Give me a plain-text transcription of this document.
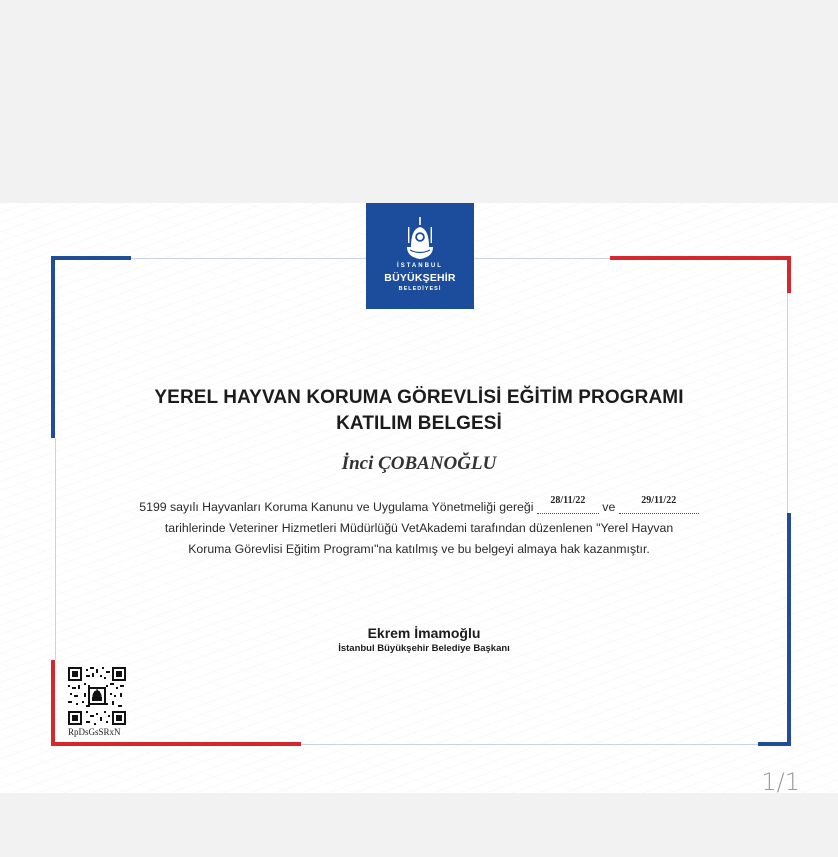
İSTANBUL
BÜYÜKŞEHİR
BELEDİYESİ
YEREL HAYVAN KORUMA GÖREVLİSİ EĞİTİM PROGRAMI
KATILIM BELGESİ
İnci ÇOBANOĞLU
5199 sayılı Hayvanları Koruma Kanunu ve Uygulama Yönetmeliği gereği	28/11/22	ve	29/11/22

tarihlerinde Veteriner Hizmetleri Müdürlüğü VetAkademi tarafından düzenlenen "Yerel Hayvan
Koruma Görevlisi Eğitim Programı"na katılmış ve bu belgeyi almaya hak kazanmıştır.
Ekrem İmamoğlu
İstanbul Büyükşehir Belediye Başkanı
RpDsGsSRxN
1/1
